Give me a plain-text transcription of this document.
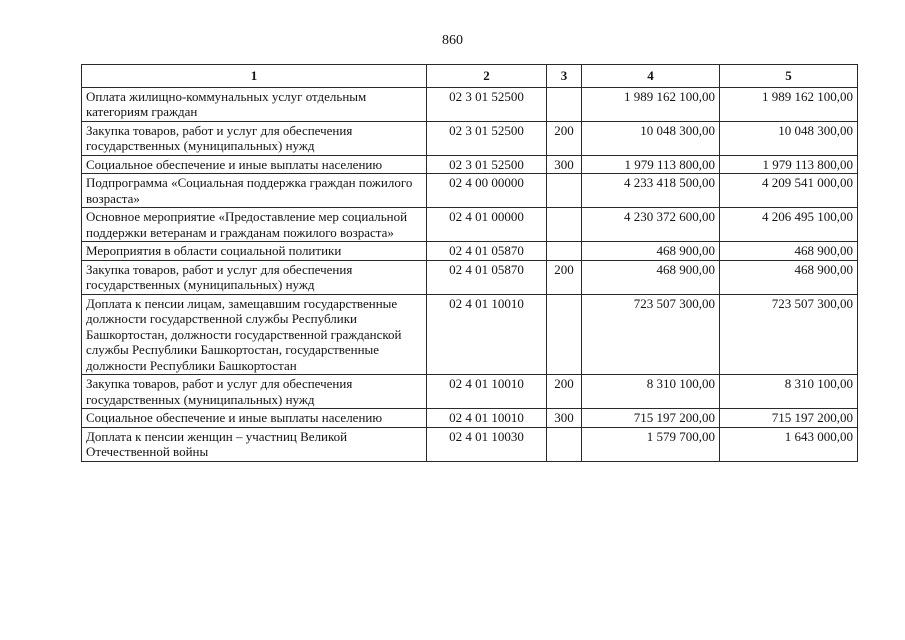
860
1	2	3	4	5
Оплата жилищно-коммунальных услуг отдельным категориям граждан	02 3 01 52500		1 989 162 100,00	1 989 162 100,00
Закупка товаров, работ и услуг для обеспечения государственных (муниципальных) нужд	02 3 01 52500	200	10 048 300,00	10 048 300,00
Социальное обеспечение и иные выплаты населению	02 3 01 52500	300	1 979 113 800,00	1 979 113 800,00
Подпрограмма «Социальная поддержка граждан пожилого возраста»	02 4 00 00000		4 233 418 500,00	4 209 541 000,00
Основное мероприятие «Предоставление мер социальной поддержки ветеранам и гражданам пожилого возраста»	02 4 01 00000		4 230 372 600,00	4 206 495 100,00
Мероприятия в области социальной политики	02 4 01 05870		468 900,00	468 900,00
Закупка товаров, работ и услуг для обеспечения государственных (муниципальных) нужд	02 4 01 05870	200	468 900,00	468 900,00
Доплата к пенсии лицам, замещавшим государственные должности государственной службы Республики Башкортостан, должности государственной гражданской службы Республики Башкортостан, государственные должности Республики Башкортостан	02 4 01 10010		723 507 300,00	723 507 300,00
Закупка товаров, работ и услуг для обеспечения государственных (муниципальных) нужд	02 4 01 10010	200	8 310 100,00	8 310 100,00
Социальное обеспечение и иные выплаты населению	02 4 01 10010	300	715 197 200,00	715 197 200,00
Доплата к пенсии женщин – участниц Великой Отечественной войны	02 4 01 10030		1 579 700,00	1 643 000,00
